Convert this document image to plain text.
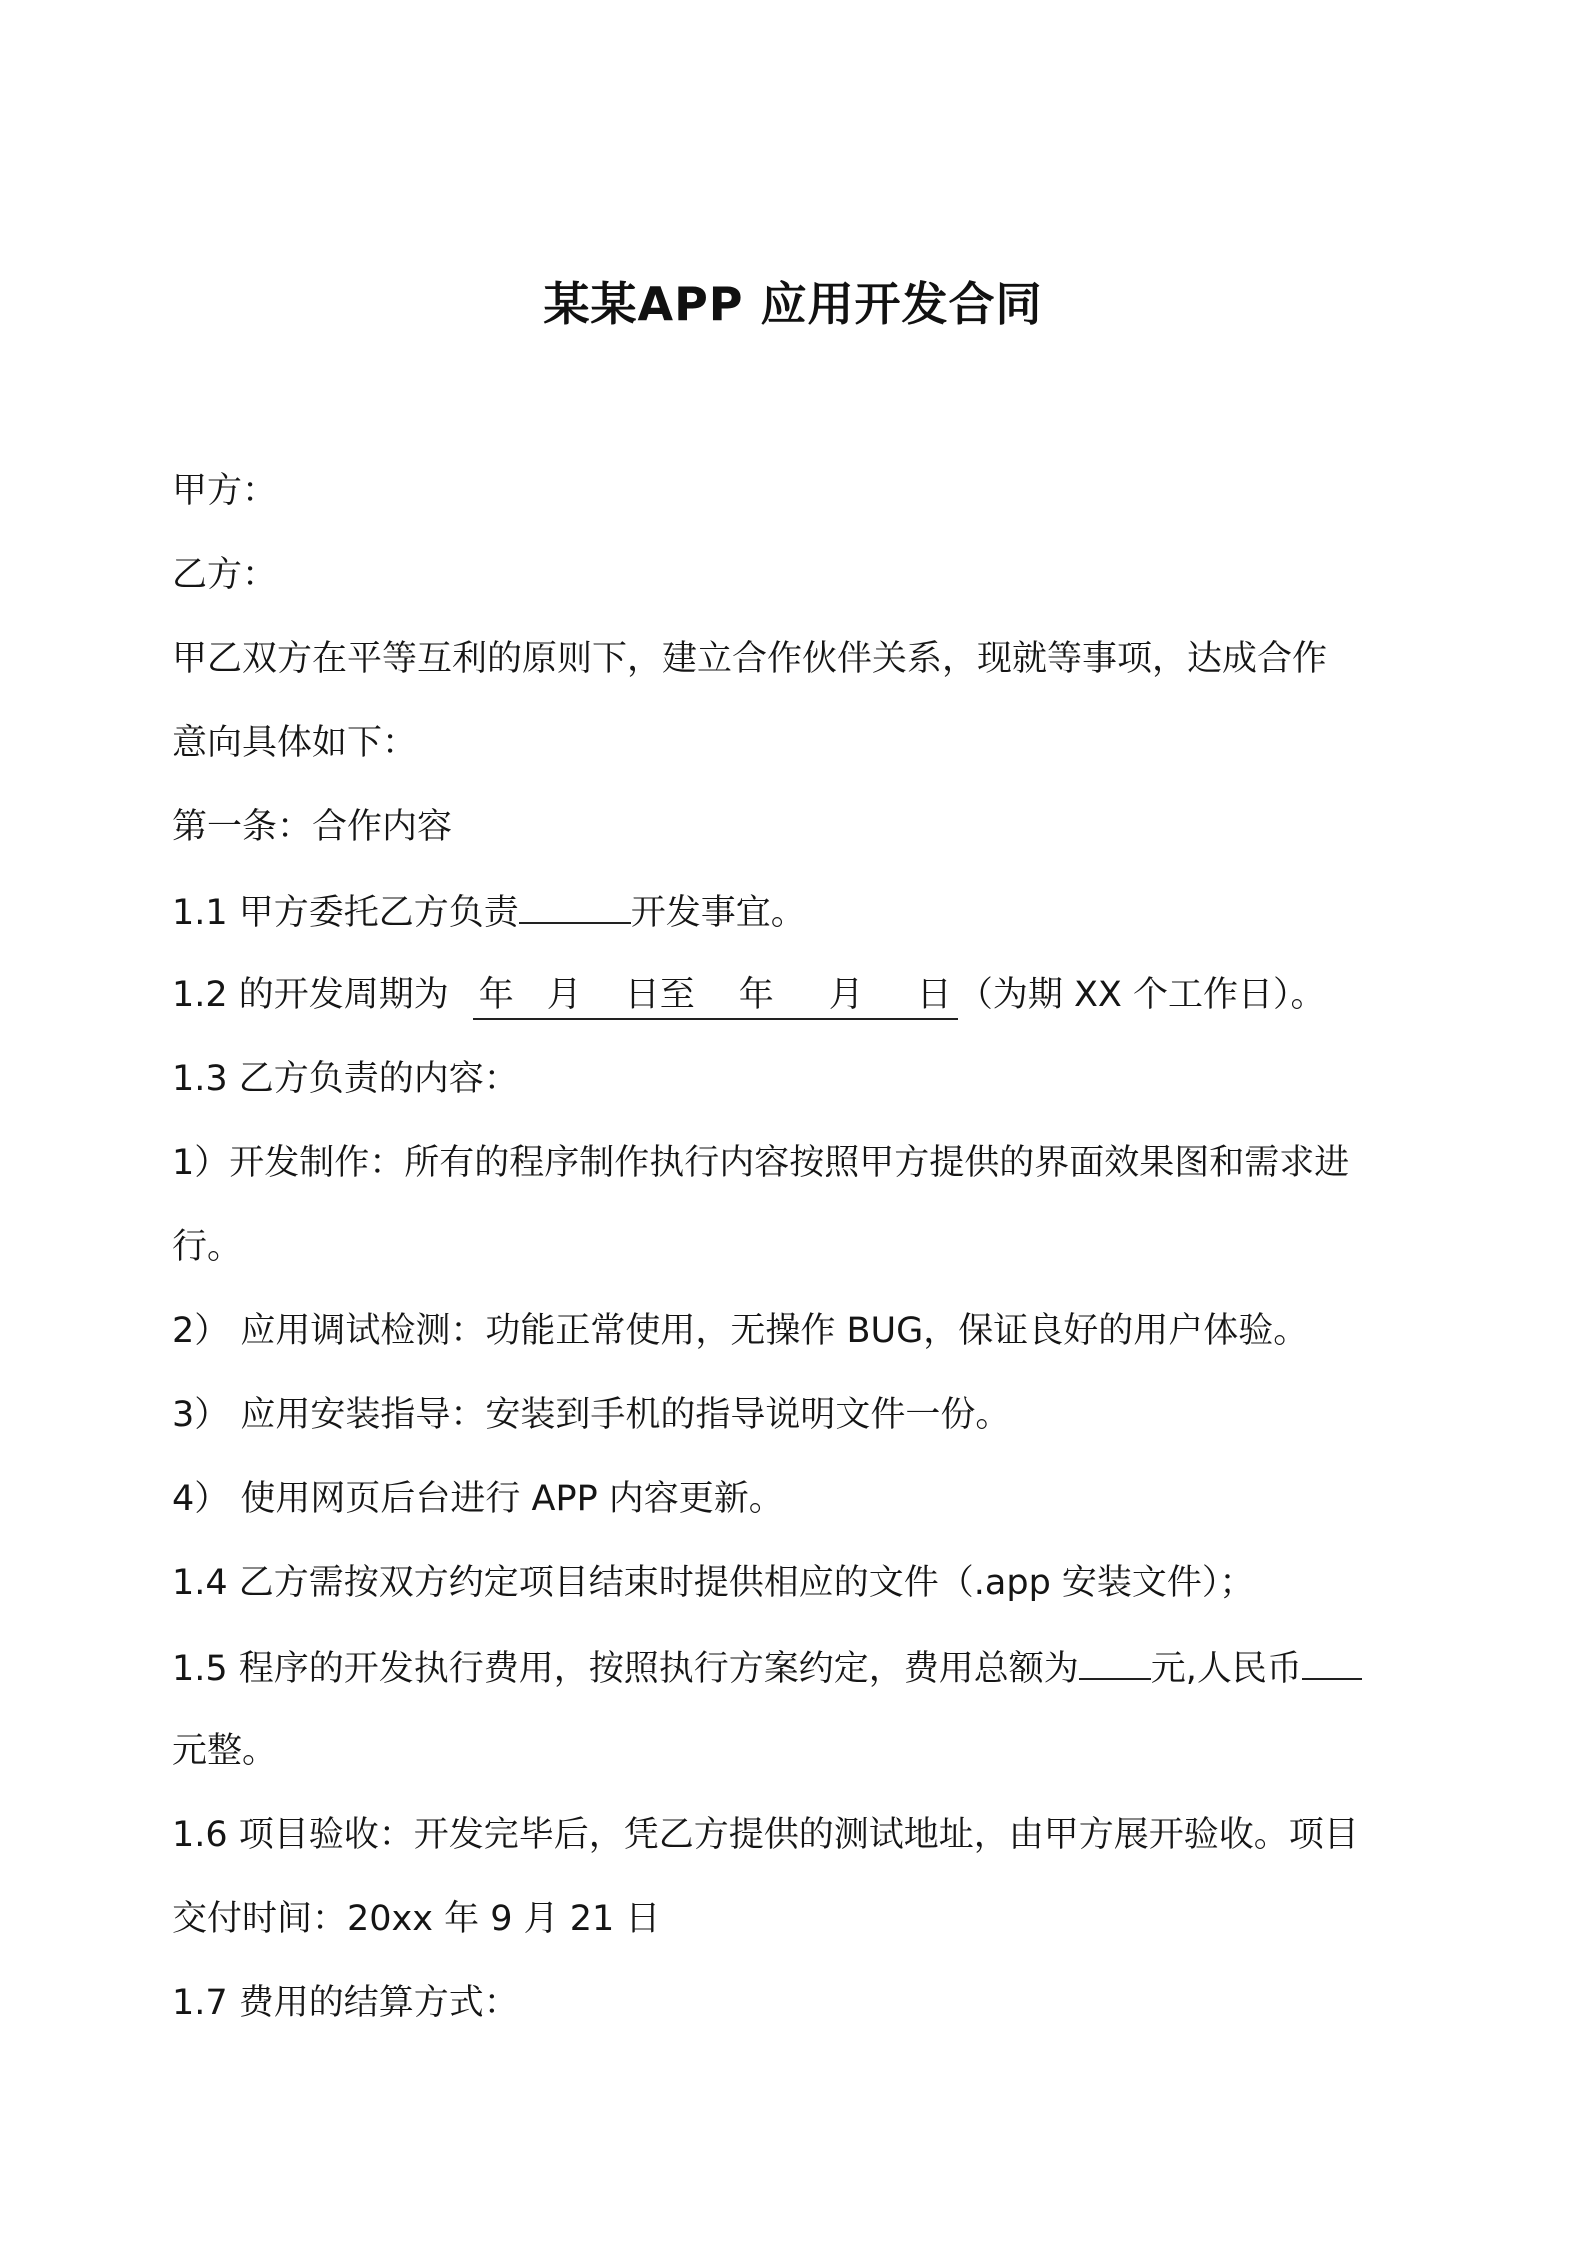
某某APP 应用开发合同
甲方：
乙方：
甲乙双方在平等互利的原则下，建立合作伙伴关系，现就等事项，达成合作
意向具体如下：
第一条：合作内容
1.1 甲方委托乙方负责	开发事宜。
1.2 的开发周期为 年 月 日至 年 月 日 （为期 XX 个工作日）。
1.3 乙方负责的内容：
1）开发制作：所有的程序制作执行内容按照甲方提供的界面效果图和需求进
行。
2） 应用调试检测：功能正常使用，无操作 BUG，保证良好的用户体验。
3） 应用安装指导：安装到手机的指导说明文件一份。
4） 使用网页后台进行 APP 内容更新。
1.4 乙方需按双方约定项目结束时提供相应的文件（.app 安装文件）；
1.5 程序的开发执行费用，按照执行方案约定，费用总额为 元,人民币
元整。
1.6 项目验收：开发完毕后，凭乙方提供的测试地址，由甲方展开验收。项目
交付时间：20xx 年 9 月 21 日
1.7 费用的结算方式：
